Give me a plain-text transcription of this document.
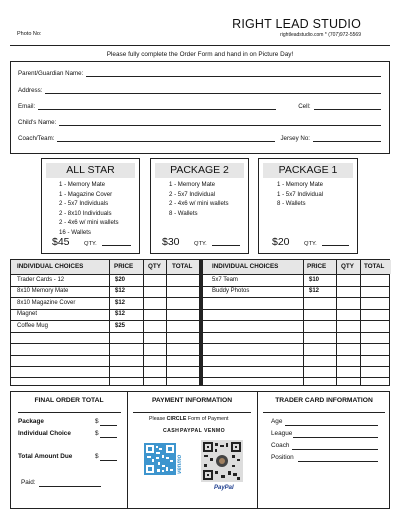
Photo No:
RIGHT LEAD STUDIO
rightleadstudio.com * (707)972-5569
Please fully complete the Order Form and hand in on Picture Day!
Parent/Guardian Name:
Address:
Email:	Cell:
Child's Name:
Coach/Team:	Jersey No:
ALL STAR
1 - Memory Mate
1 - Magazine Cover
2 - 5x7 Individuals
2 - 8x10 Individuals
2 - 4x6 w/ mini wallets
16 - Wallets
$45 QTY.
PACKAGE 2
1 - Memory Mate
2 - 5x7 Individual
2 - 4x6 w/ mini wallets
8 - Wallets
$30 QTY.
PACKAGE 1
1 - Memory Mate
1 - 5x7 Individual
8 - Wallets
$20 QTY.
INDIVIDUAL CHOICES	PRICE QTY TOTAL	INDIVIDUAL CHOICES	PRICE QTY TOTAL
Trader Cards - 12	$20
8x10 Memory Mate	$12
8x10 Magazine Cover	$12
Magnet	$12
Coffee Mug	$25
5x7 Team	$10
Buddy Photos	$12
FINAL ORDER TOTAL
Package	$
Individual Choice	$
Total Amount Due	$
Paid:
PAYMENT INFORMATION
Please CIRCLE Form of Payment
CASH PAYPAL VENMO
venmo
PayPal
TRADER CARD INFORMATION
Age
League
Coach
Position
